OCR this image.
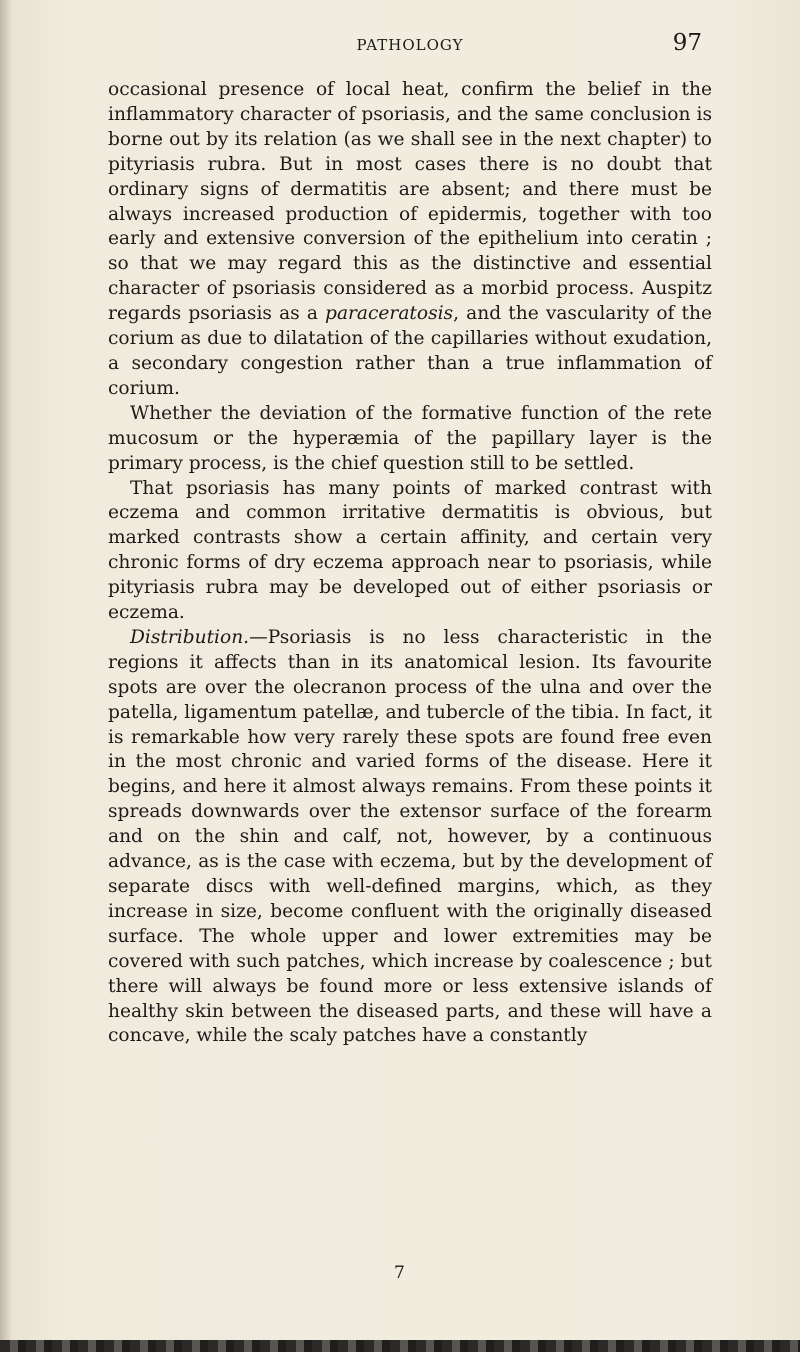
PATHOLOGY	97

occasional presence of local heat, confirm the belief in the inflammatory character of psoriasis, and the same conclusion is borne out by its relation (as we shall see in the next chapter) to pityriasis rubra. But in most cases there is no doubt that ordinary signs of dermatitis are absent; and there must be always increased production of epidermis, together with too early and extensive conversion of the epithelium into ceratin ; so that we may regard this as the distinctive and essential character of psoriasis considered as a morbid process. Auspitz regards psoriasis as a paraceratosis, and the vascularity of the corium as due to dilatation of the capillaries without exudation, a secondary congestion rather than a true inflammation of corium.

Whether the deviation of the formative function of the rete mucosum or the hyperæmia of the papillary layer is the primary process, is the chief question still to be settled.

That psoriasis has many points of marked contrast with eczema and common irritative dermatitis is obvious, but marked contrasts show a certain affinity, and certain very chronic forms of dry eczema approach near to psoriasis, while pityriasis rubra may be developed out of either psoriasis or eczema.

Distribution.—Psoriasis is no less characteristic in the regions it affects than in its anatomical lesion. Its favourite spots are over the olecranon process of the ulna and over the patella, ligamentum patellæ, and tubercle of the tibia. In fact, it is remarkable how very rarely these spots are found free even in the most chronic and varied forms of the disease. Here it begins, and here it almost always remains. From these points it spreads downwards over the extensor surface of the forearm and on the shin and calf, not, however, by a continuous advance, as is the case with eczema, but by the development of separate discs with well-defined margins, which, as they increase in size, become confluent with the originally diseased surface. The whole upper and lower extremities may be covered with such patches, which increase by coalescence ; but there will always be found more or less extensive islands of healthy skin between the diseased parts, and these will have a concave, while the scaly patches have a constantly

7
